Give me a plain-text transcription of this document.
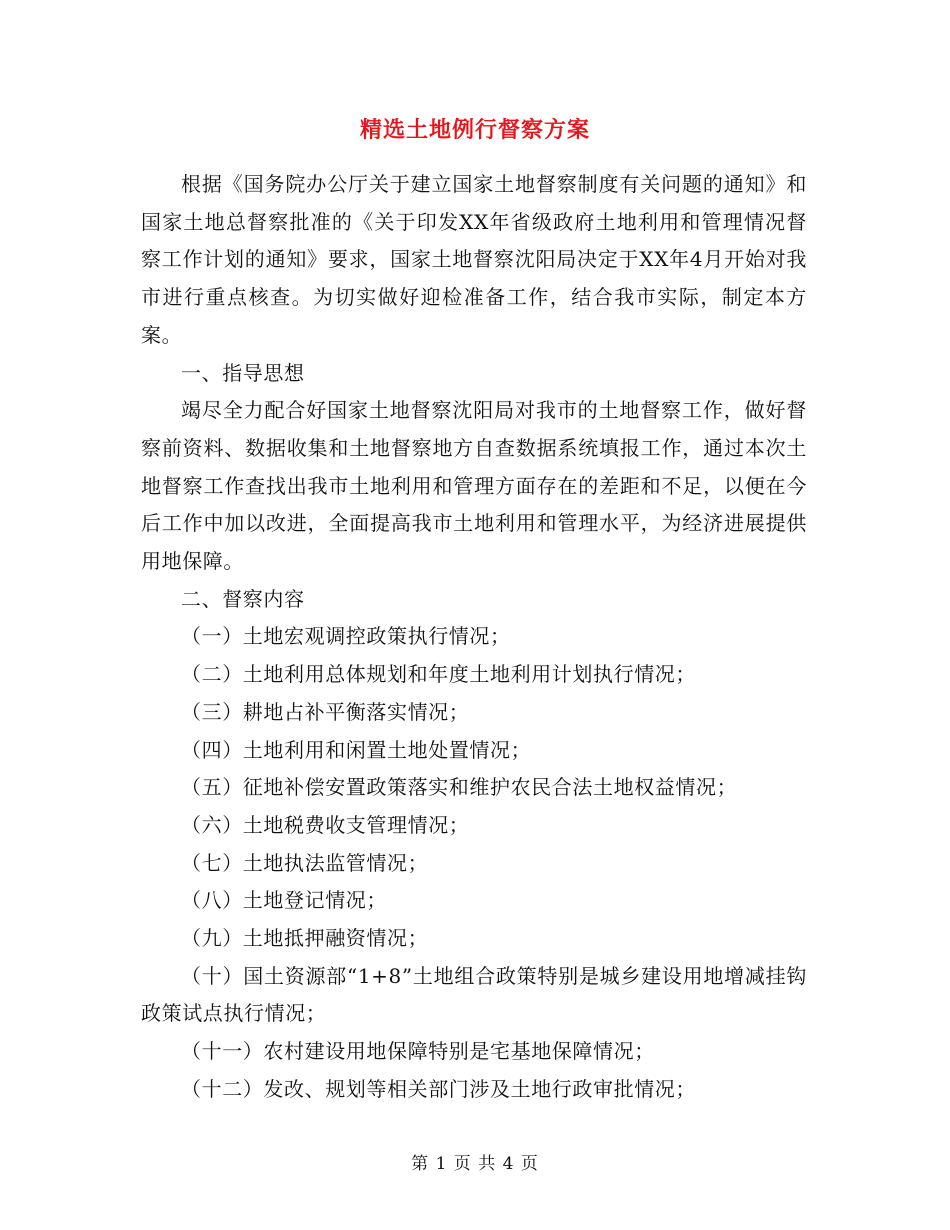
精选土地例行督察方案

根据《国务院办公厅关于建立国家土地督察制度有关问题的通知》和国家土地总督察批准的《关于印发XX年省级政府土地利用和管理情况督察工作计划的通知》要求，国家土地督察沈阳局决定于XX年4月开始对我市进行重点核查。为切实做好迎检准备工作，结合我市实际，制定本方案。

一、指导思想

竭尽全力配合好国家土地督察沈阳局对我市的土地督察工作，做好督察前资料、数据收集和土地督察地方自查数据系统填报工作，通过本次土地督察工作查找出我市土地利用和管理方面存在的差距和不足，以便在今后工作中加以改进，全面提高我市土地利用和管理水平，为经济进展提供用地保障。

二、督察内容

（一）土地宏观调控政策执行情况；

（二）土地利用总体规划和年度土地利用计划执行情况；

（三）耕地占补平衡落实情况；

（四）土地利用和闲置土地处置情况；

（五）征地补偿安置政策落实和维护农民合法土地权益情况；

（六）土地税费收支管理情况；

（七）土地执法监管情况；

（八）土地登记情况；

（九）土地抵押融资情况；

（十）国土资源部“1+8”土地组合政策特别是城乡建设用地增减挂钩政策试点执行情况；

（十一）农村建设用地保障特别是宅基地保障情况；

（十二）发改、规划等相关部门涉及土地行政审批情况；

第 1 页 共 4 页
